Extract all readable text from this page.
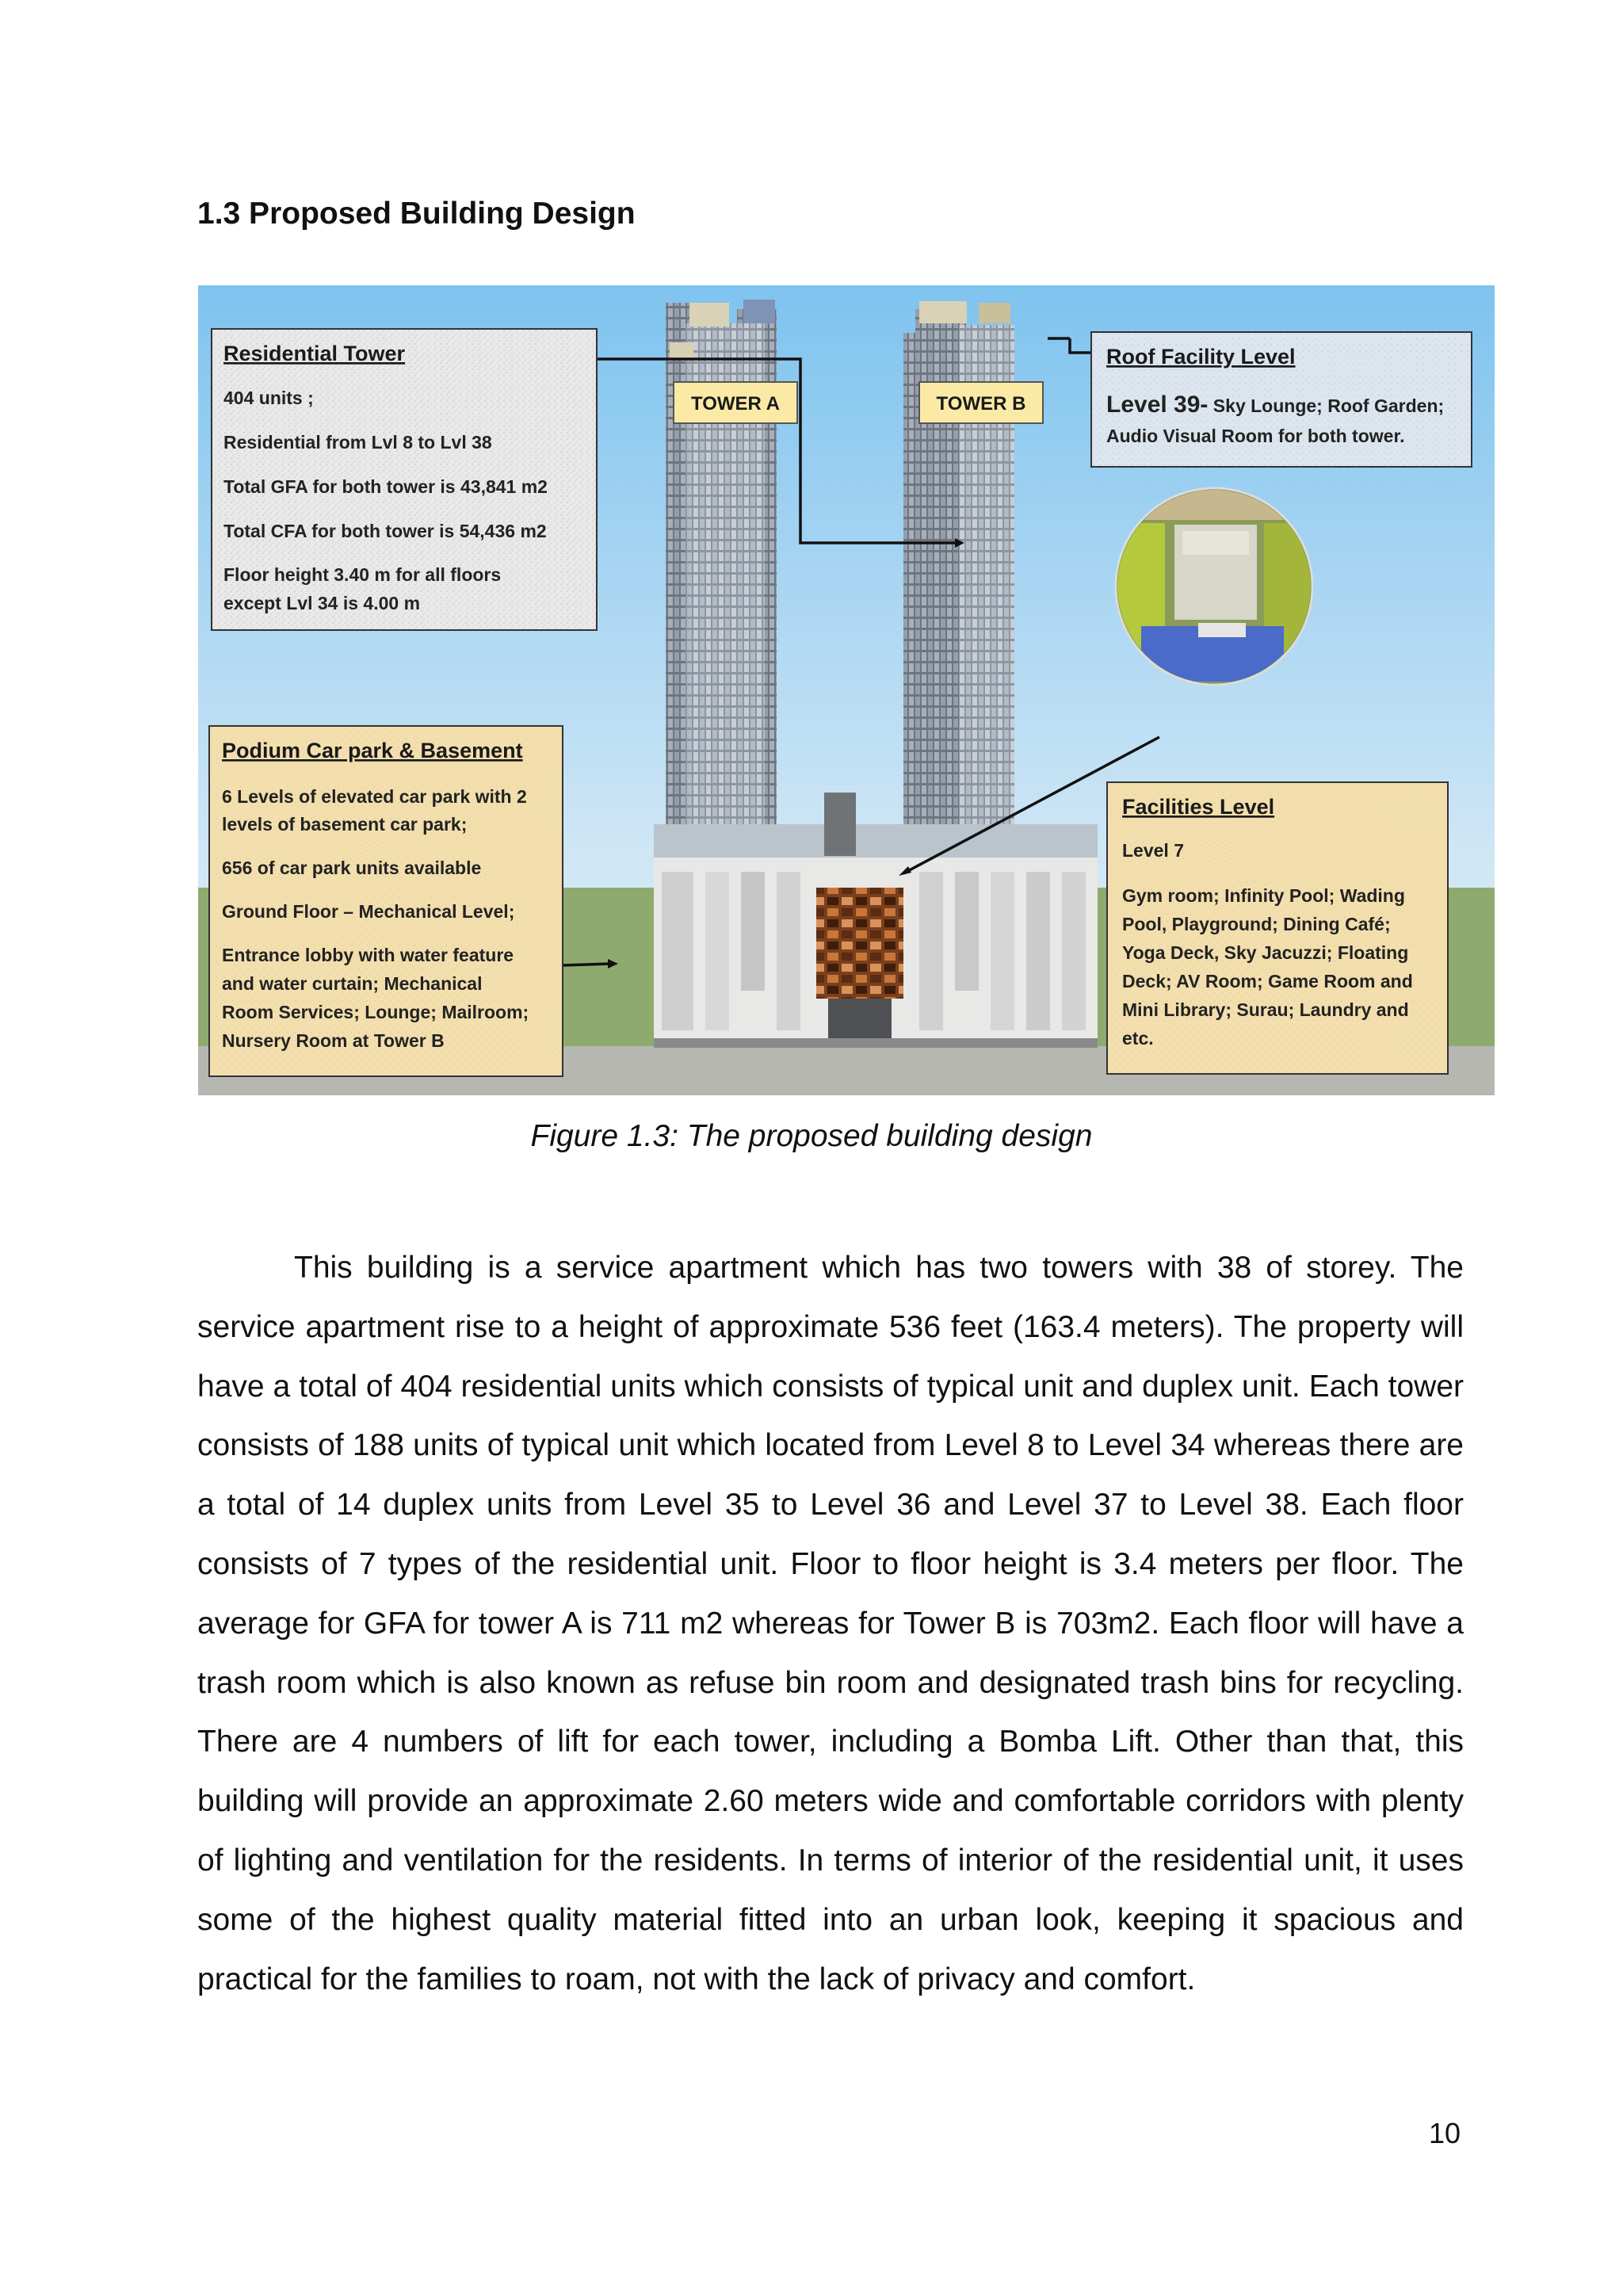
1.3 Proposed Building Design
TOWER A	TOWER B
Residential Tower
404 units ;
Residential from Lvl 8 to Lvl 38
Total GFA for both tower is 43,841 m2
Total CFA for both tower is 54,436 m2
Floor height 3.40 m for all floors
except Lvl 34 is 4.00 m
Roof Facility Level
Level 39- Sky Lounge; Roof Garden;
Audio Visual Room for both tower.
Podium Car park & Basement
6 Levels of elevated car park with 2
levels of basement car park;
656 of car park units available
Ground Floor – Mechanical Level;
Entrance lobby with water feature
and water curtain; Mechanical
Room Services; Lounge; Mailroom;
Nursery Room at Tower B
Facilities Level
Level 7
Gym room; Infinity Pool; Wading
Pool, Playground; Dining Café;
Yoga Deck, Sky Jacuzzi; Floating
Deck; AV Room; Game Room and
Mini Library; Surau; Laundry and
etc.
Figure 1.3: The proposed building design

This building is a service apartment which has two towers with 38 of storey. The service apartment rise to a height of approximate 536 feet (163.4 meters). The property will have a total of 404 residential units which consists of typical unit and duplex unit. Each tower consists of 188 units of typical unit which located from Level 8 to Level 34 whereas there are a total of 14 duplex units from Level 35 to Level 36 and Level 37 to Level 38. Each floor consists of 7 types of the residential unit. Floor to floor height is 3.4 meters per floor. The average for GFA for tower A is 711 m2 whereas for Tower B is 703m2. Each floor will have a trash room which is also known as refuse bin room and designated trash bins for recycling. There are 4 numbers of lift for each tower, including a Bomba Lift. Other than that, this building will provide an approximate 2.60 meters wide and comfortable corridors with plenty of lighting and ventilation for the residents. In terms of interior of the residential unit, it uses some of the highest quality material fitted into an urban look, keeping it spacious and practical for the families to roam, not with the lack of privacy and comfort.

10
